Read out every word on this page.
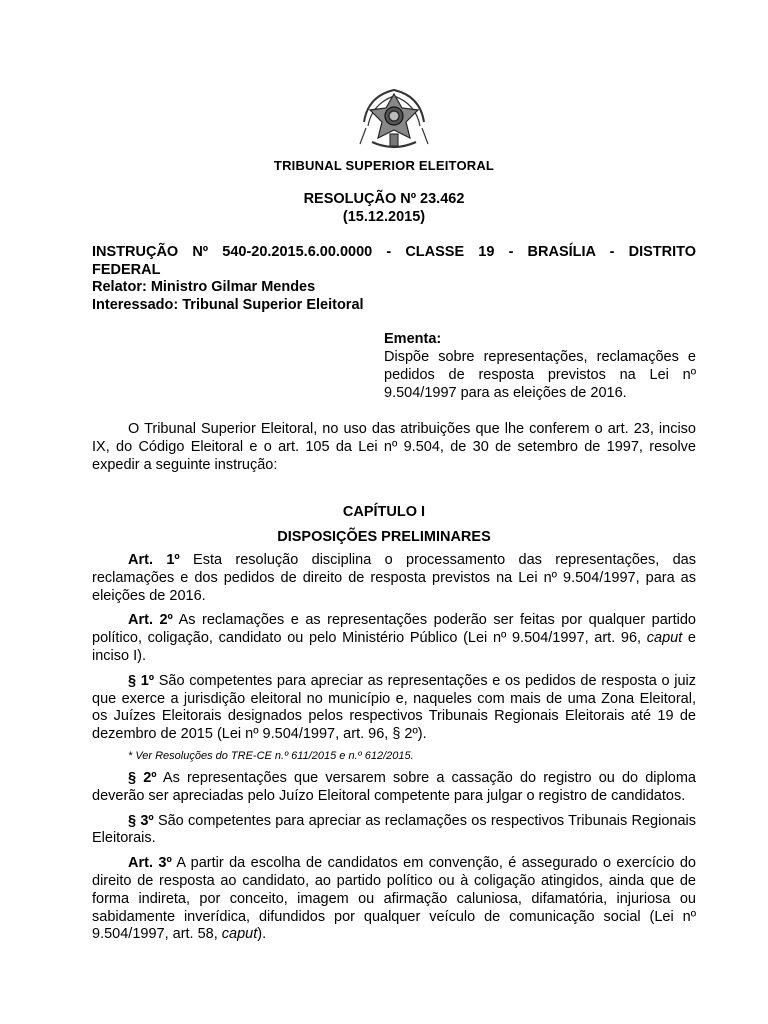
TRIBUNAL SUPERIOR ELEITORAL
RESOLUÇÃO Nº 23.462
(15.12.2015)
INSTRUÇÃO Nº 540-20.2015.6.00.0000 - CLASSE 19 - BRASÍLIA - DISTRITO
FEDERAL
Relator: Ministro Gilmar Mendes
Interessado: Tribunal Superior Eleitoral
Ementa:
Dispõe sobre representações, reclamações e pedidos de resposta previstos na Lei nº 9.504/1997 para as eleições de 2016.

O Tribunal Superior Eleitoral, no uso das atribuições que lhe conferem o art. 23, inciso IX, do Código Eleitoral e o art. 105 da Lei nº 9.504, de 30 de setembro de 1997, resolve expedir a seguinte instrução:

CAPÍTULO I
DISPOSIÇÕES PRELIMINARES

Art. 1º Esta resolução disciplina o processamento das representações, das reclamações e dos pedidos de direito de resposta previstos na Lei nº 9.504/1997, para as eleições de 2016.

Art. 2º As reclamações e as representações poderão ser feitas por qualquer partido político, coligação, candidato ou pelo Ministério Público (Lei nº 9.504/1997, art. 96, caput e inciso I).

§ 1º São competentes para apreciar as representações e os pedidos de resposta o juiz que exerce a jurisdição eleitoral no município e, naqueles com mais de uma Zona Eleitoral, os Juízes Eleitorais designados pelos respectivos Tribunais Regionais Eleitorais até 19 de dezembro de 2015 (Lei nº 9.504/1997, art. 96, § 2º).

* Ver Resoluções do TRE-CE n.º 611/2015 e n.º 612/2015.

§ 2º As representações que versarem sobre a cassação do registro ou do diploma deverão ser apreciadas pelo Juízo Eleitoral competente para julgar o registro de candidatos.

§ 3º São competentes para apreciar as reclamações os respectivos Tribunais Regionais Eleitorais.

Art. 3º A partir da escolha de candidatos em convenção, é assegurado o exercício do direito de resposta ao candidato, ao partido político ou à coligação atingidos, ainda que de forma indireta, por conceito, imagem ou afirmação caluniosa, difamatória, injuriosa ou sabidamente inverídica, difundidos por qualquer veículo de comunicação social (Lei nº 9.504/1997, art. 58, caput).
